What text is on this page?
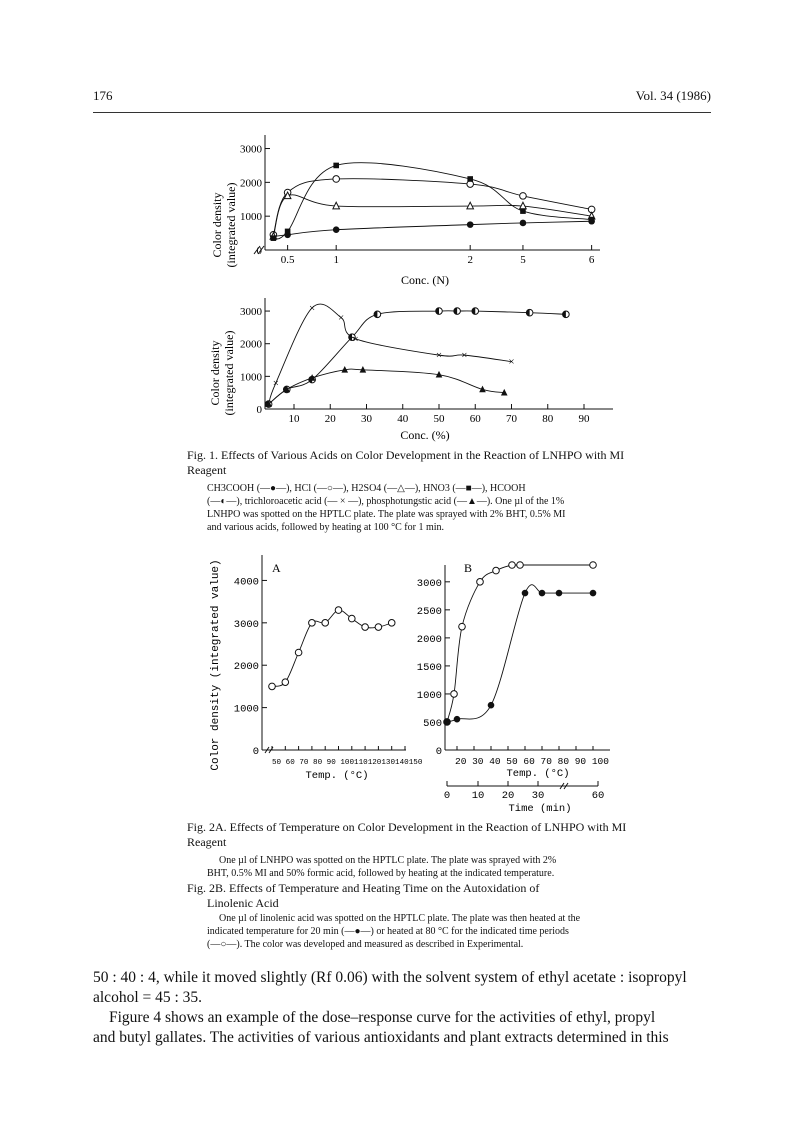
176	Vol. 34 (1986)
0
1000
2000
3000
0.5	1	2	5	6
Color density (integrated value)
Conc. (N)
0
1000
2000
3000
10 20 30 40 50 60 70 80 90
×
×
×
×
× ×
×
Color density (integrated value)
Conc. (%)
Fig. 1. Effects of Various Acids on Color Development in the Reaction of LNHPO with MI Reagent
CH3COOH (—●—), HCl (—○—), H2SO4 (—△—), HNO3 (—■—), HCOOH
(—◐—), trichloroacetic acid (— × —), phosphotungstic acid (—▲—). One µl of the 1%
LNHPO was spotted on the HPTLC plate. The plate was sprayed with 2% BHT, 0.5% MI
and various acids, followed by heating at 100 °C for 1 min.
0
1000
2000
3000
4000
0
500
1000
1500
2000
2500
3000
0 10 20 30	60
Color density (integrated value)	A	B
50 60 70 80 90 100110120130140150
Temp. (°C)
20 30 40 50 60 70 80 90 100
Temp. (°C)
Time (min)
Fig. 2A. Effects of Temperature on Color Development in the Reaction of LNHPO with MI Reagent
One µl of LNHPO was spotted on the HPTLC plate. The plate was sprayed with 2%
BHT, 0.5% MI and 50% formic acid, followed by heating at the indicated temperature.
Fig. 2B. Effects of Temperature and Heating Time on the Autoxidation of
Linolenic Acid
One µl of linolenic acid was spotted on the HPTLC plate. The plate was then heated at the
indicated temperature for 20 min (—●—) or heated at 80 °C for the indicated time periods
(—○—). The color was developed and measured as described in Experimental.
50 : 40 : 4, while it moved slightly (Rf 0.06) with the solvent system of ethyl acetate : isopropyl
alcohol = 45 : 35.
Figure 4 shows an example of the dose–response curve for the activities of ethyl, propyl
and butyl gallates. The activities of various antioxidants and plant extracts determined in this
